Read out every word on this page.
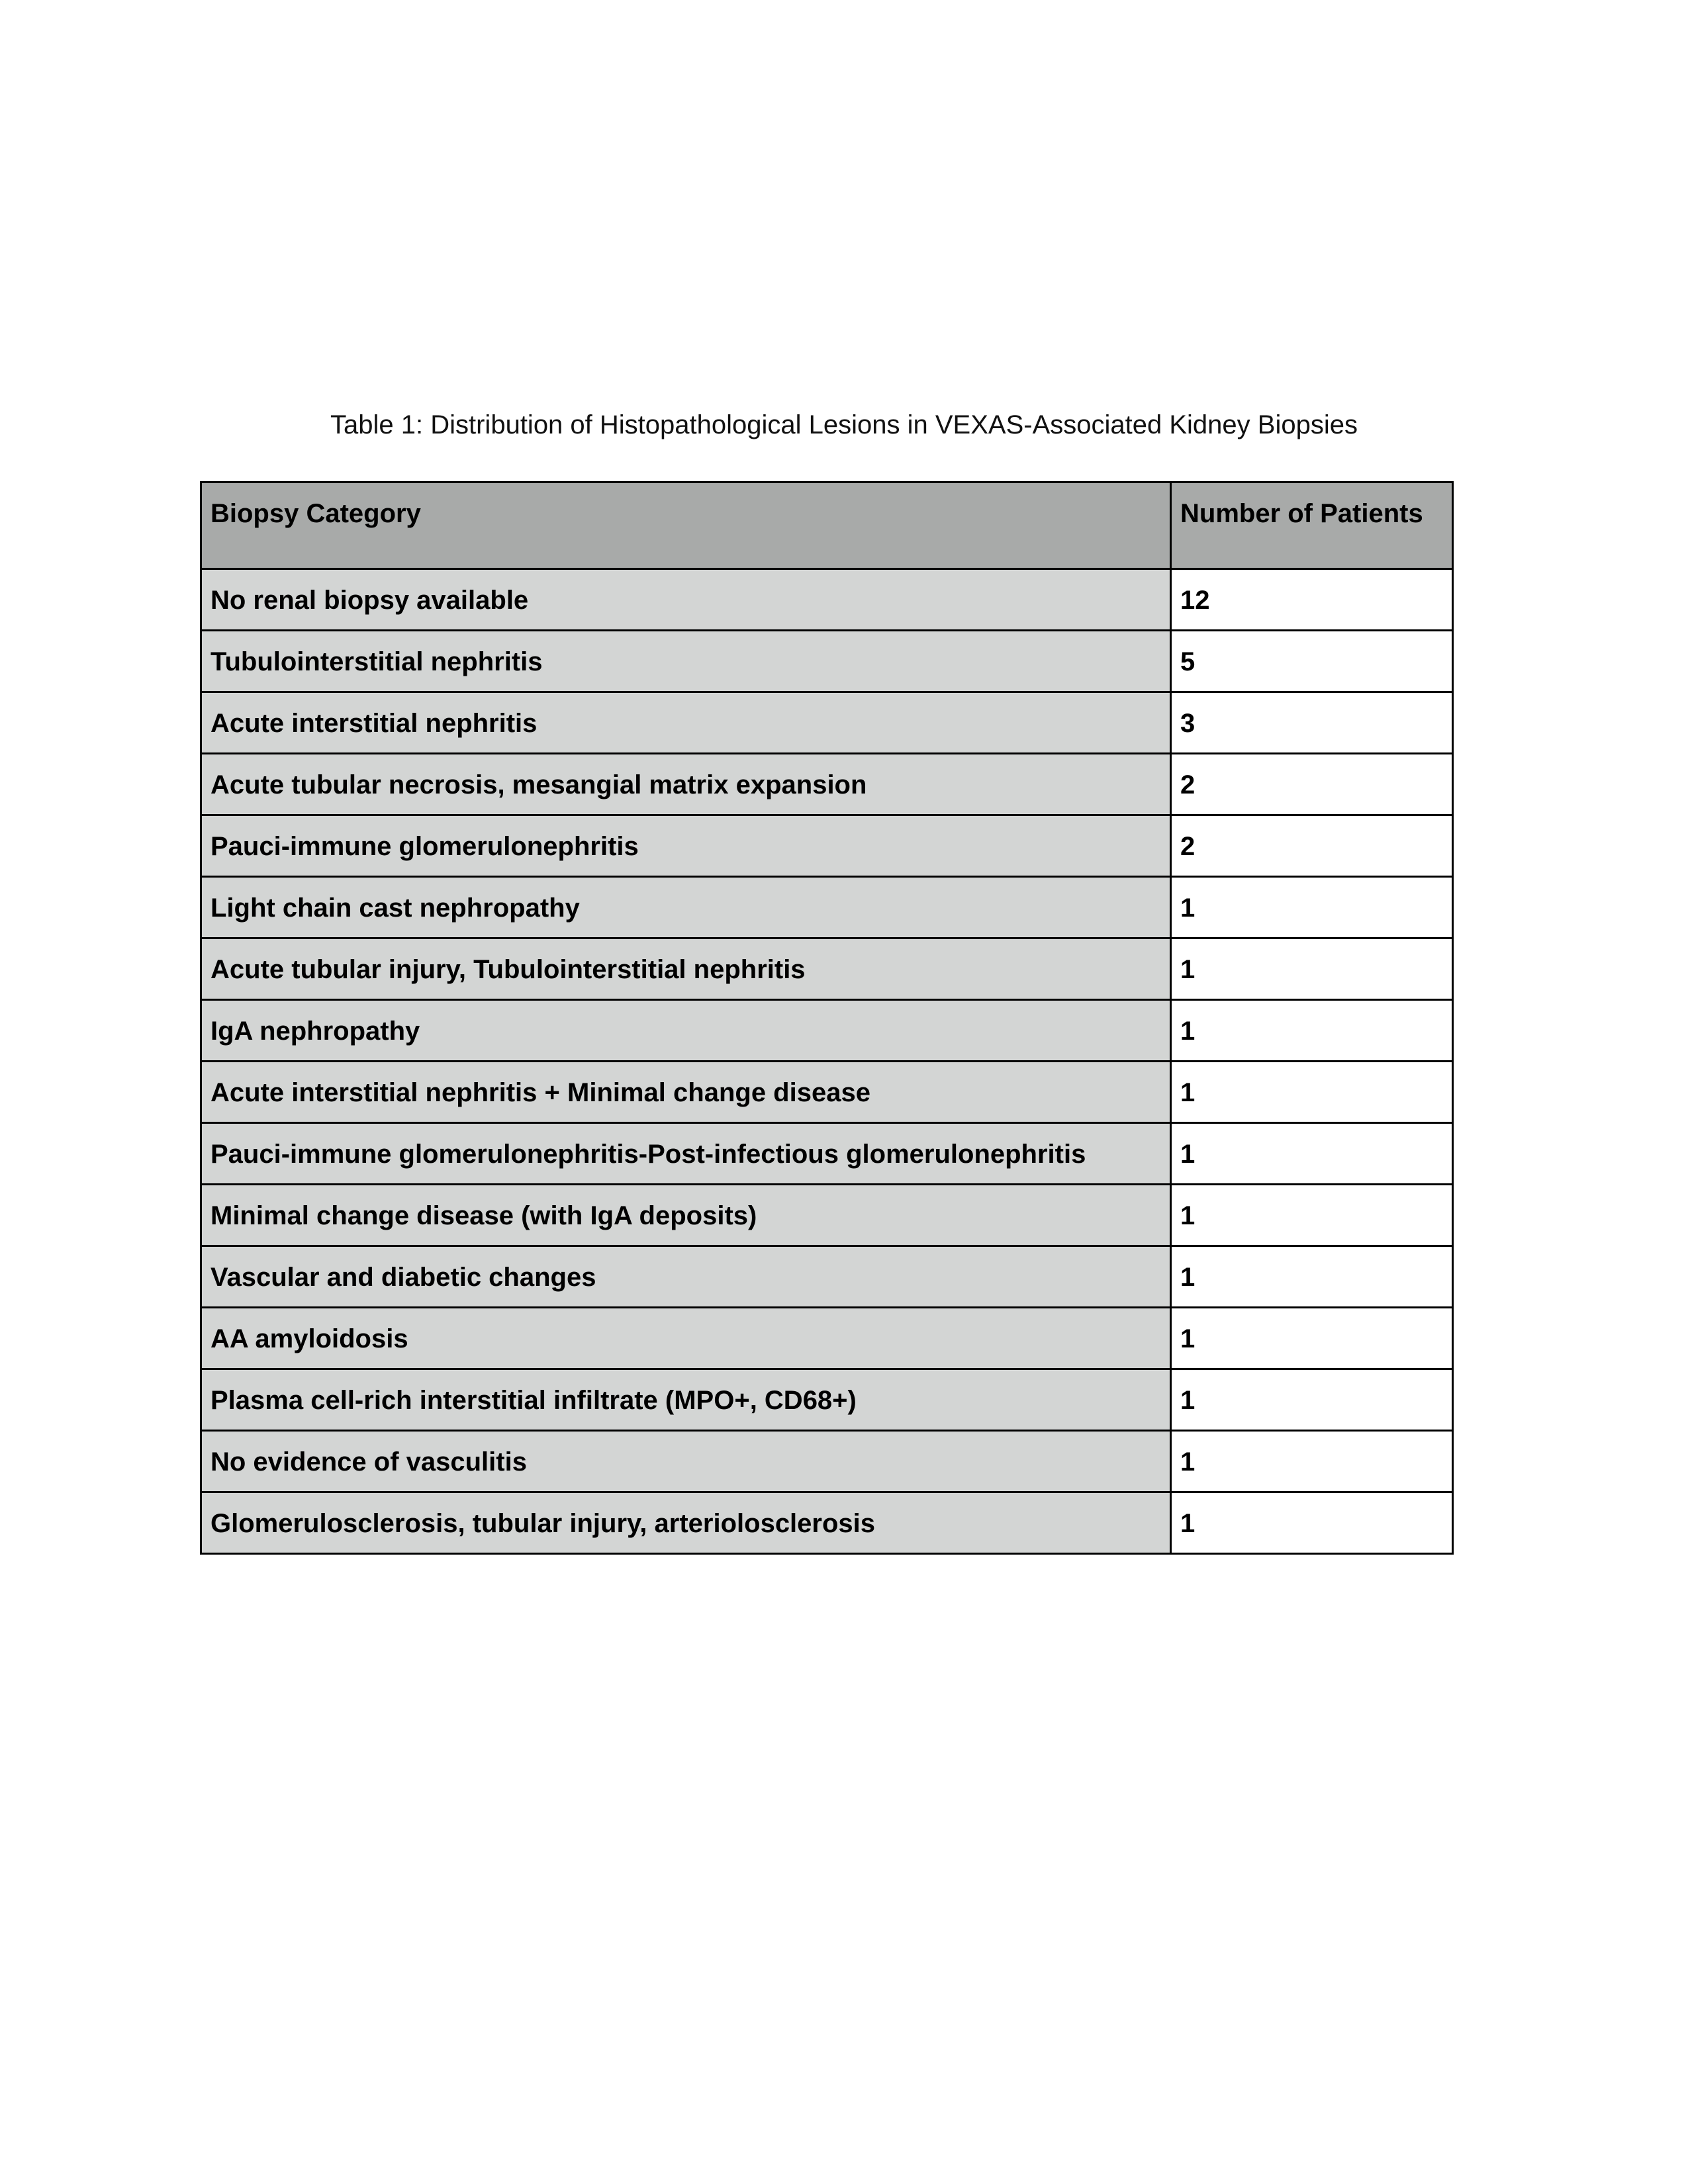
Table 1: Distribution of Histopathological Lesions in VEXAS-Associated Kidney Biopsies
Biopsy Category	Number of Patients
No renal biopsy available	12
Tubulointerstitial nephritis	5
Acute interstitial nephritis	3
Acute tubular necrosis, mesangial matrix expansion	2
Pauci-immune glomerulonephritis	2
Light chain cast nephropathy	1
Acute tubular injury, Tubulointerstitial nephritis	1
IgA nephropathy	1
Acute interstitial nephritis + Minimal change disease	1
Pauci-immune glomerulonephritis-Post-infectious glomerulonephritis	1
Minimal change disease (with IgA deposits)	1
Vascular and diabetic changes	1
AA amyloidosis	1
Plasma cell-rich interstitial infiltrate (MPO+, CD68+)	1
No evidence of vasculitis	1
Glomerulosclerosis, tubular injury, arteriolosclerosis	1
